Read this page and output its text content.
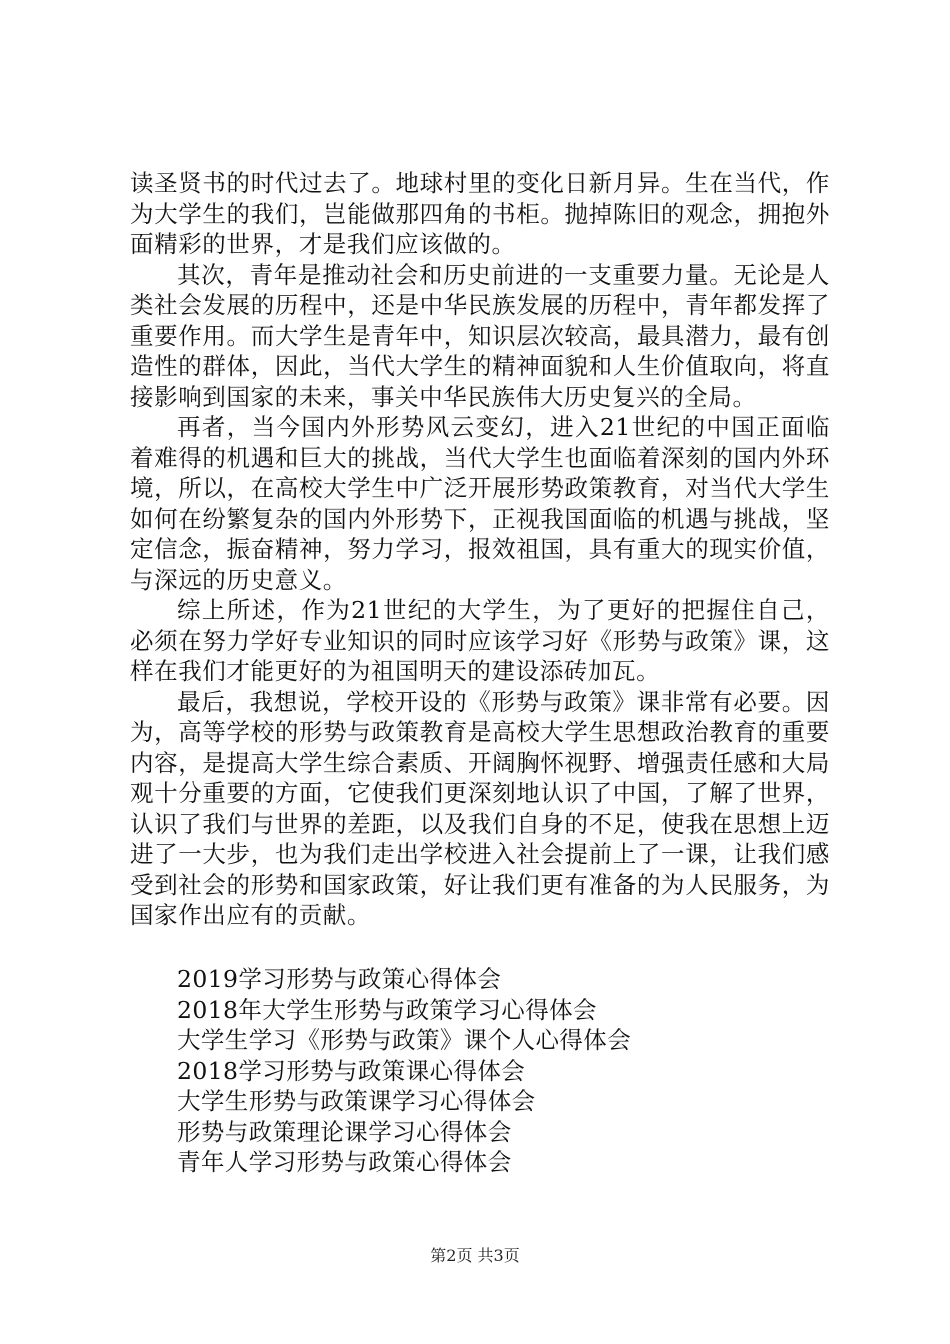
读圣贤书的时代过去了。地球村里的变化日新月异。生在当代，作为大学生的我们，岂能做那四角的书柜。抛掉陈旧的观念，拥抱外面精彩的世界，才是我们应该做的。

其次，青年是推动社会和历史前进的一支重要力量。无论是人类社会发展的历程中，还是中华民族发展的历程中，青年都发挥了重要作用。而大学生是青年中，知识层次较高，最具潜力，最有创造性的群体，因此，当代大学生的精神面貌和人生价值取向，将直接影响到国家的未来，事关中华民族伟大历史复兴的全局。

再者，当今国内外形势风云变幻，进入21世纪的中国正面临着难得的机遇和巨大的挑战，当代大学生也面临着深刻的国内外环境，所以，在高校大学生中广泛开展形势政策教育，对当代大学生如何在纷繁复杂的国内外形势下，正视我国面临的机遇与挑战，坚定信念，振奋精神，努力学习，报效祖国，具有重大的现实价值，与深远的历史意义。

综上所述，作为21世纪的大学生，为了更好的把握住自己，必须在努力学好专业知识的同时应该学习好《形势与政策》课，这样在我们才能更好的为祖国明天的建设添砖加瓦。

最后，我想说，学校开设的《形势与政策》课非常有必要。因为，高等学校的形势与政策教育是高校大学生思想政治教育的重要内容，是提高大学生综合素质、开阔胸怀视野、增强责任感和大局观十分重要的方面，它使我们更深刻地认识了中国，了解了世界，认识了我们与世界的差距，以及我们自身的不足，使我在思想上迈进了一大步，也为我们走出学校进入社会提前上了一课，让我们感受到社会的形势和国家政策，好让我们更有准备的为人民服务，为国家作出应有的贡献。

2019学习形势与政策心得体会
2018年大学生形势与政策学习心得体会
大学生学习《形势与政策》课个人心得体会
2018学习形势与政策课心得体会
大学生形势与政策课学习心得体会
形势与政策理论课学习心得体会
青年人学习形势与政策心得体会
第2页 共3页
